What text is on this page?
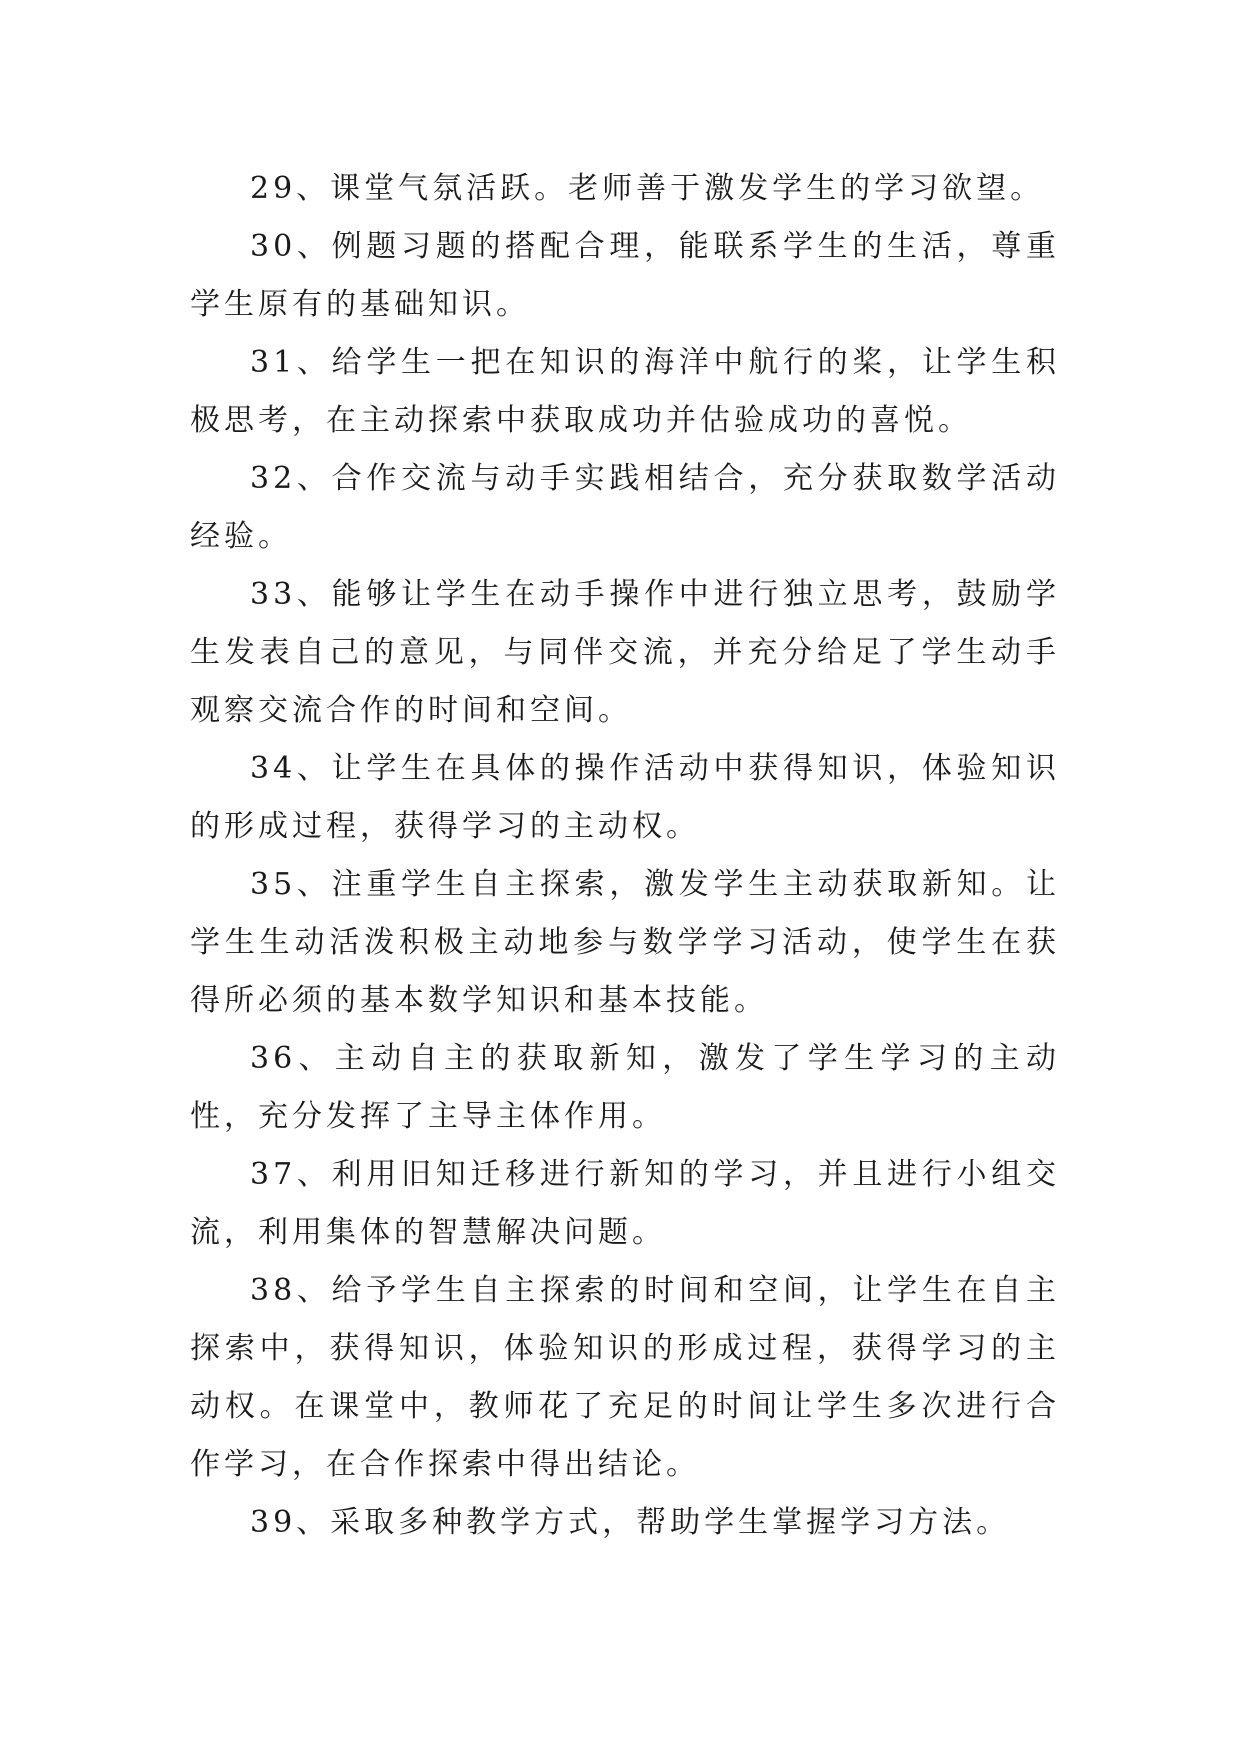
29、课堂气氛活跃。老师善于激发学生的学习欲望。

30、例题习题的搭配合理，能联系学生的生活，尊重学生原有的基础知识。

31、给学生一把在知识的海洋中航行的桨，让学生积极思考，在主动探索中获取成功并估验成功的喜悦。

32、合作交流与动手实践相结合，充分获取数学活动经验。

33、能够让学生在动手操作中进行独立思考，鼓励学生发表自己的意见，与同伴交流，并充分给足了学生动手观察交流合作的时间和空间。

34、让学生在具体的操作活动中获得知识，体验知识的形成过程，获得学习的主动权。

35、注重学生自主探索，激发学生主动获取新知。让学生生动活泼积极主动地参与数学学习活动，使学生在获得所必须的基本数学知识和基本技能。

36、主动自主的获取新知，激发了学生学习的主动性，充分发挥了主导主体作用。

37、利用旧知迁移进行新知的学习，并且进行小组交流，利用集体的智慧解决问题。

38、给予学生自主探索的时间和空间，让学生在自主探索中，获得知识，体验知识的形成过程，获得学习的主动权。在课堂中，教师花了充足的时间让学生多次进行合作学习，在合作探索中得出结论。

39、采取多种教学方式，帮助学生掌握学习方法。
